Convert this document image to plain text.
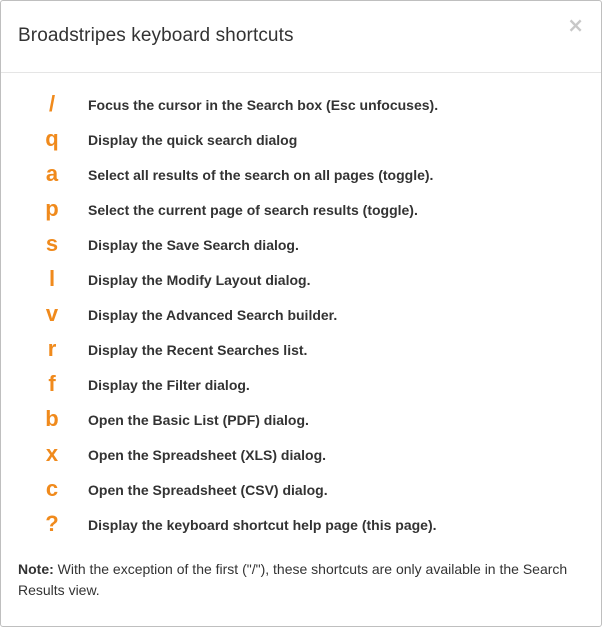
Broadstripes keyboard shortcuts	×
/	Focus the cursor in the Search box (Esc unfocuses).
q	Display the quick search dialog
a	Select all results of the search on all pages (toggle).
p	Select the current page of search results (toggle).
s	Display the Save Search dialog.
l	Display the Modify Layout dialog.
v	Display the Advanced Search builder.
r	Display the Recent Searches list.
f	Display the Filter dialog.
b	Open the Basic List (PDF) dialog.
x	Open the Spreadsheet (XLS) dialog.
c	Open the Spreadsheet (CSV) dialog.
?	Display the keyboard shortcut help page (this page).

Note: With the exception of the first ("/"), these shortcuts are only available in the Search Results view.
